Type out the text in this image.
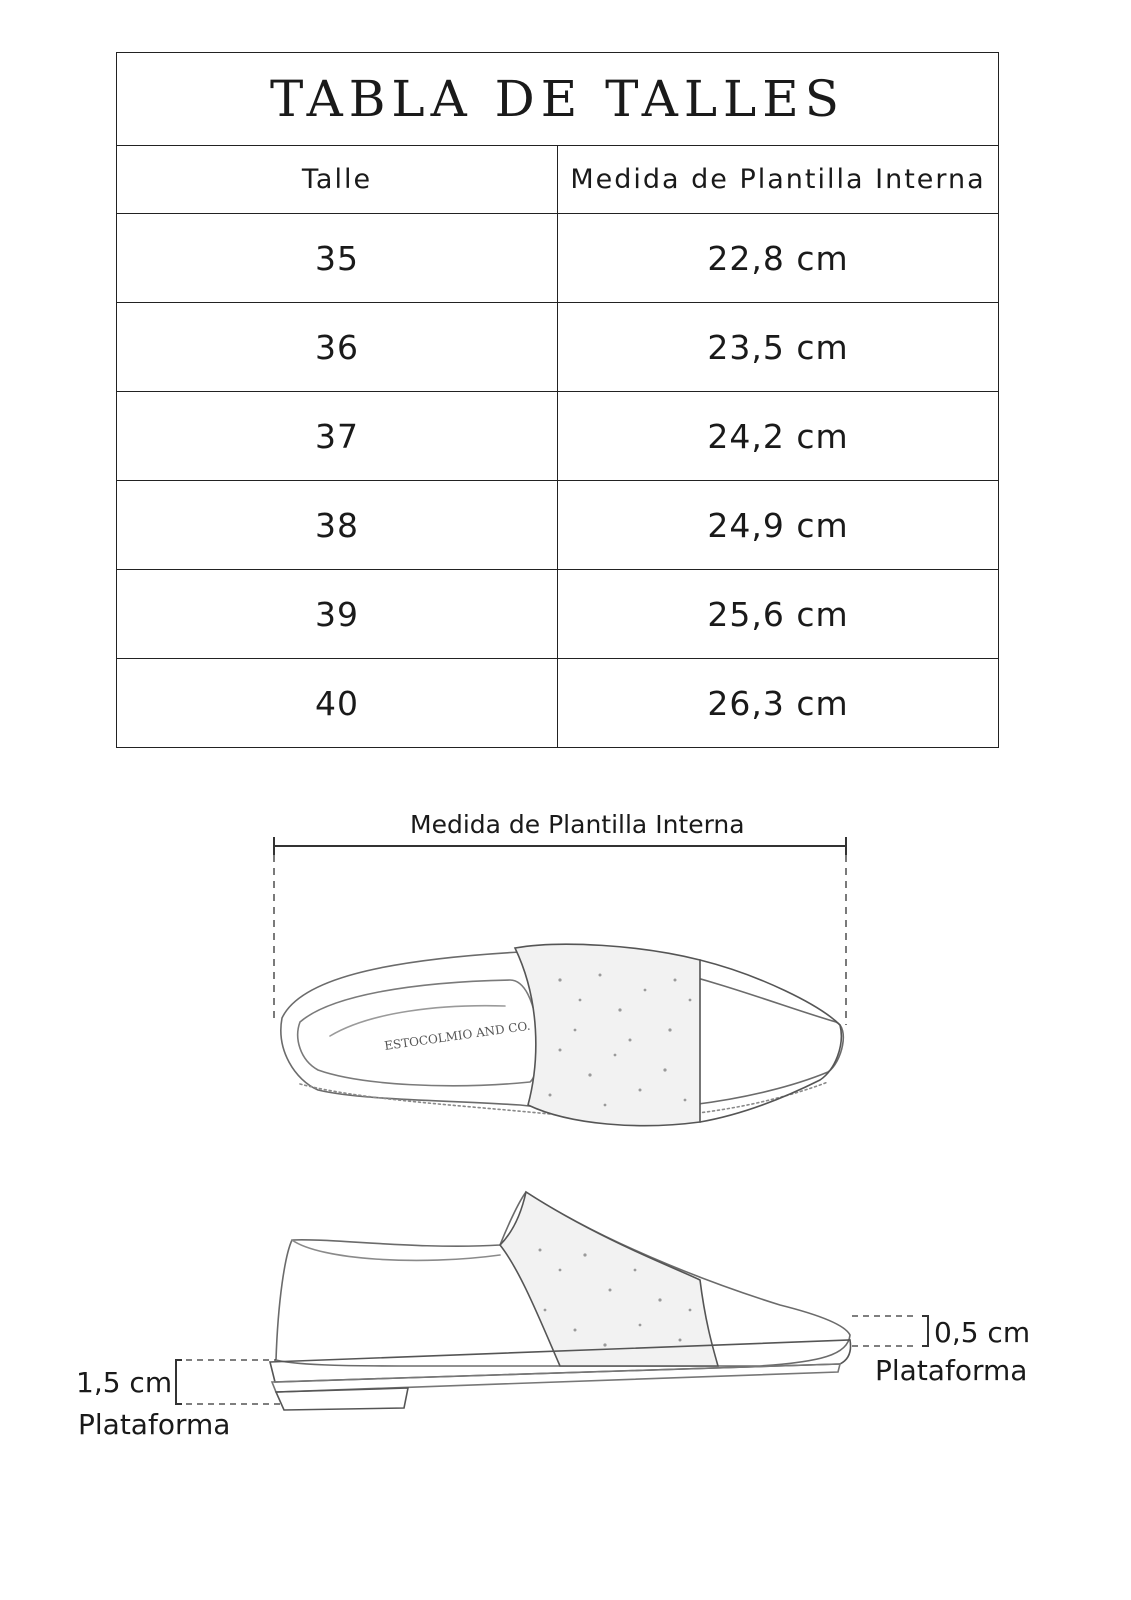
TABLA DE TALLES	
Talle	Medida de Plantilla Interna
35	22,8 cm
36	23,5 cm
37	24,2 cm
38	24,9 cm
39	25,6 cm
40	26,3 cm
ESTOCOLMIO AND CO.
Medida de Plantilla Interna
1,5 cm
Plataforma
0,5 cm
Plataforma
